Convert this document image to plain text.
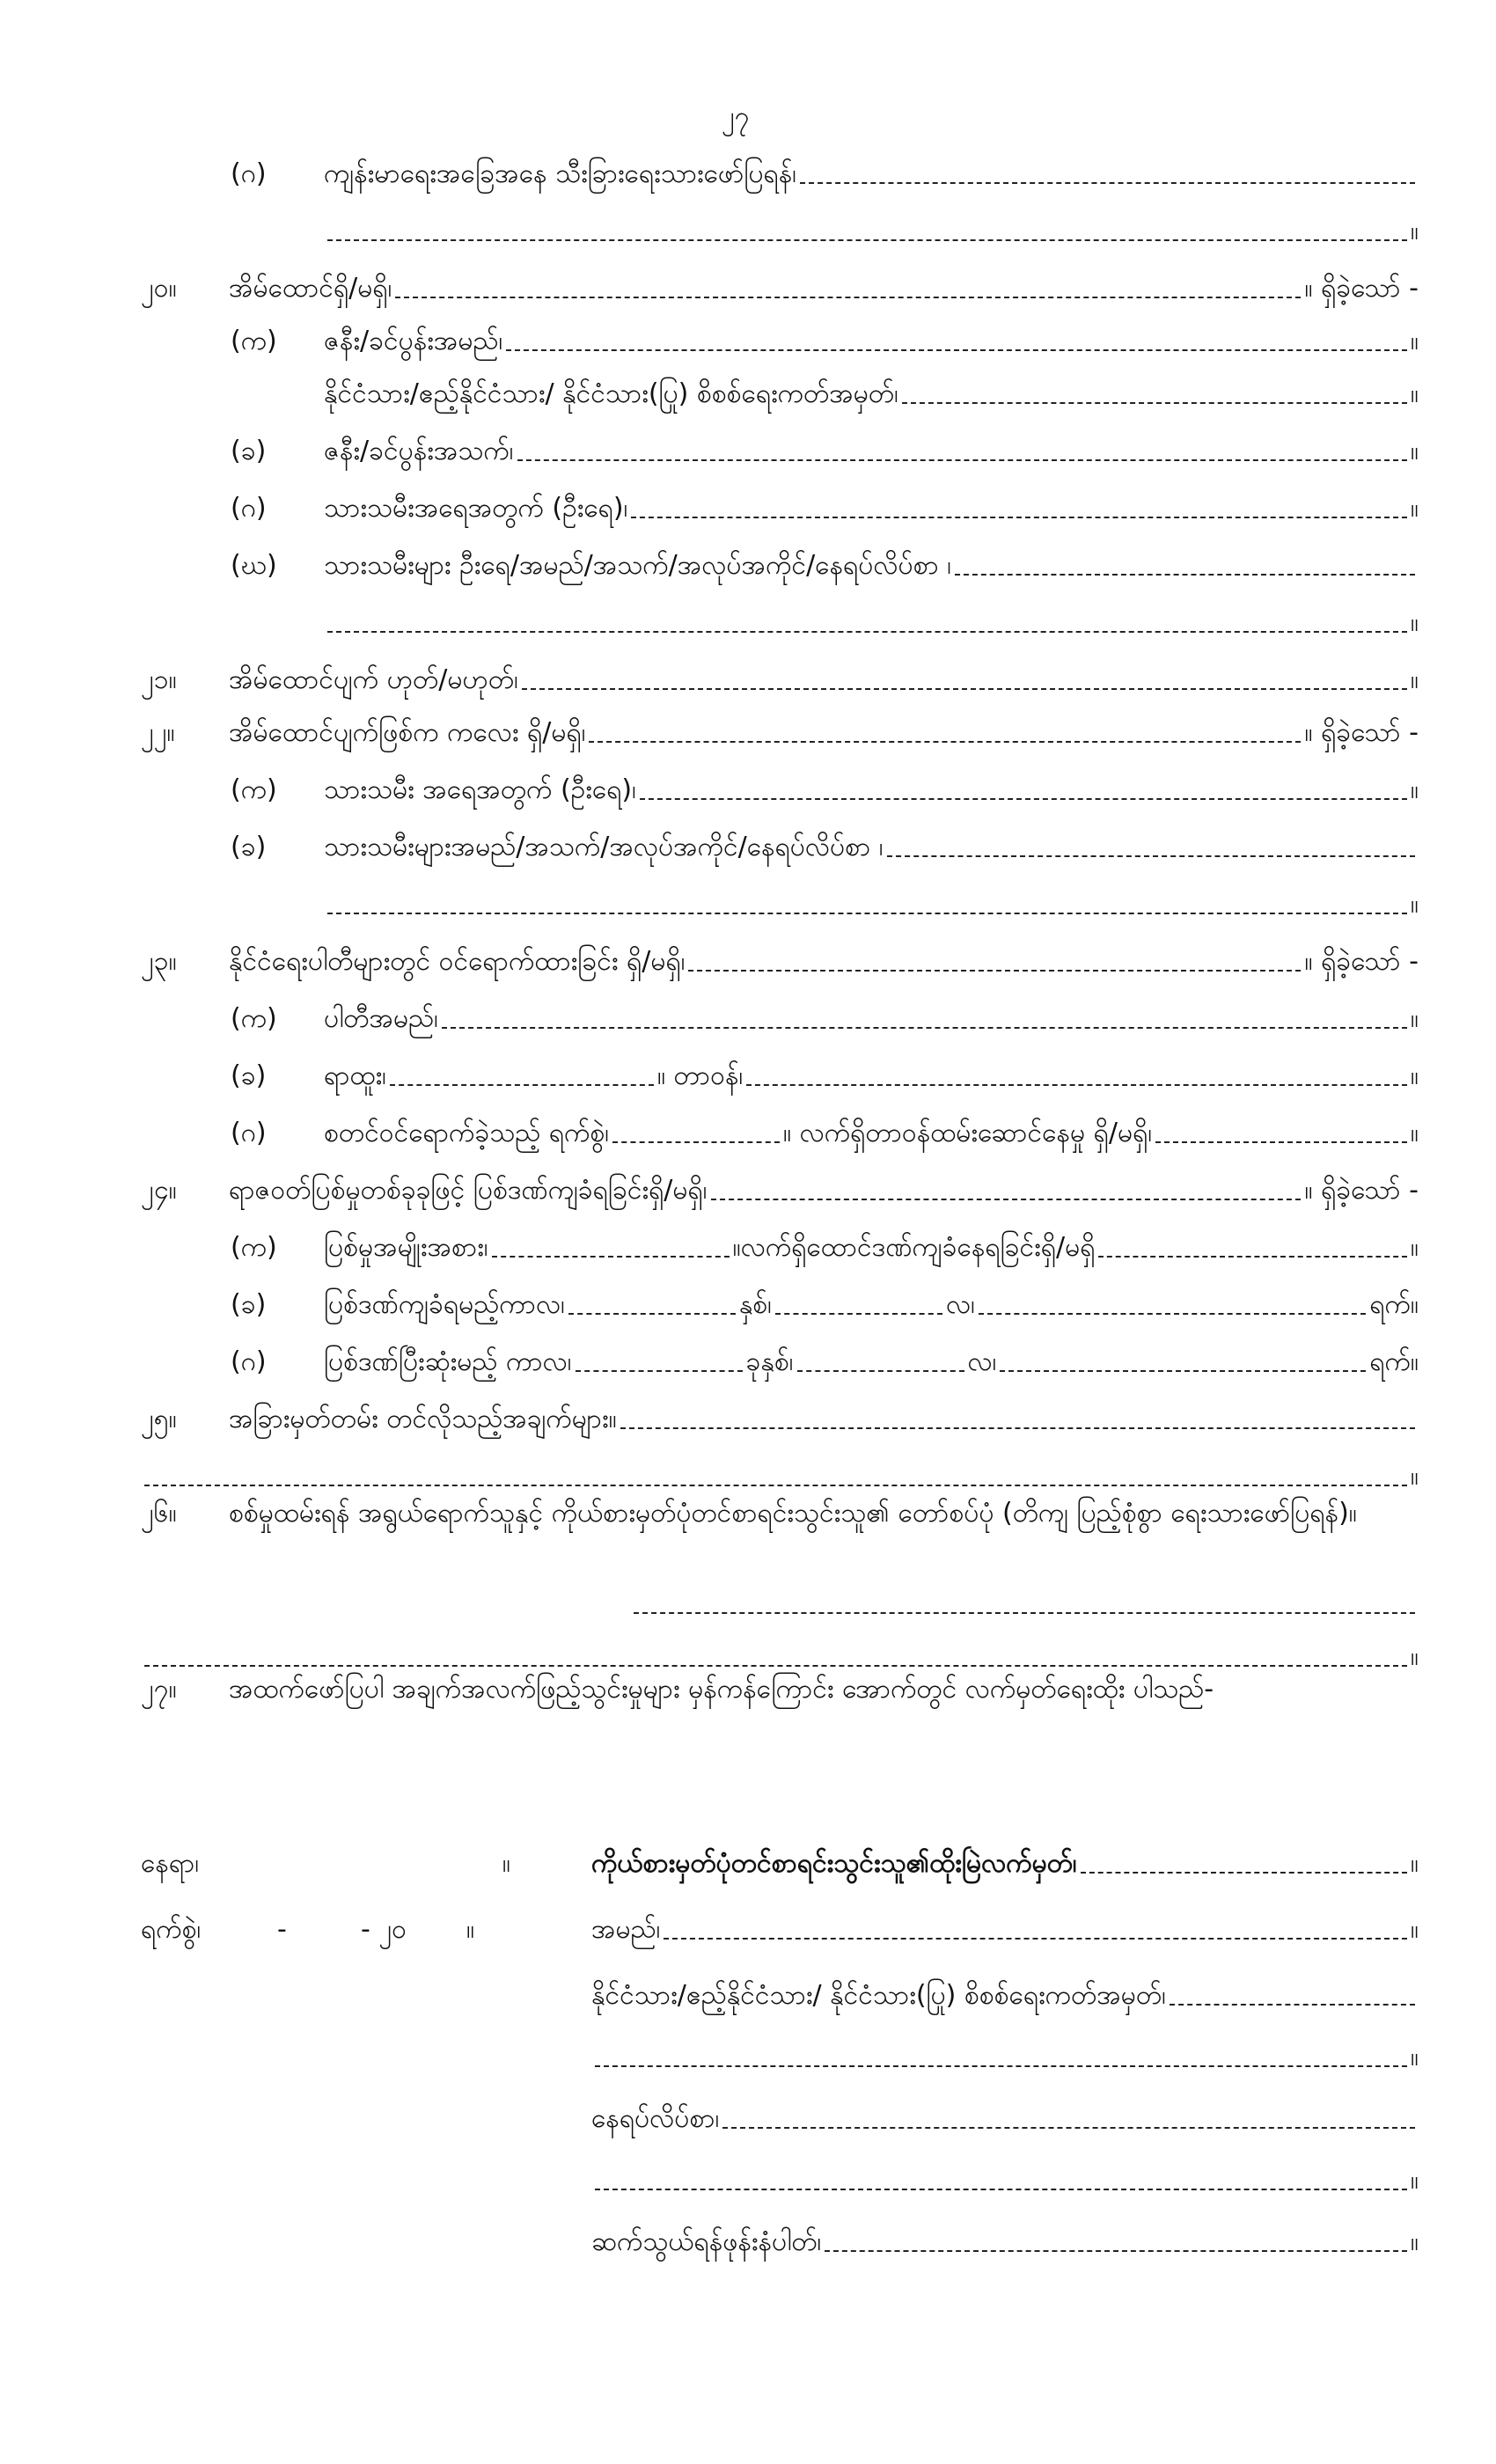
၂၇
(ဂ)	ကျန်းမာရေးအခြေအနေ သီးခြားရေးသားဖော်ပြရန်၊
။
၂၀။	အိမ်ထောင်ရှိ/မရှိ၊	။ ရှိခဲ့သော် -
(က)	ဇနီး/ခင်ပွန်းအမည်၊	။
နိုင်ငံသား/ဧည့်နိုင်ငံသား/ နိုင်ငံသား(ပြု) စိစစ်ရေးကတ်အမှတ်၊	။
(ခ)	ဇနီး/ခင်ပွန်းအသက်၊	။
(ဂ)	သားသမီးအရေအတွက် (ဦးရေ)၊	။
(ဃ)	သားသမီးများ ဦးရေ/အမည်/အသက်/အလုပ်အကိုင်/နေရပ်လိပ်စာ ၊
။
၂၁။	အိမ်ထောင်ပျက် ဟုတ်/မဟုတ်၊	။
၂၂။	အိမ်ထောင်ပျက်ဖြစ်က ကလေး ရှိ/မရှိ၊	။ ရှိခဲ့သော် -
(က)	သားသမီး အရေအတွက် (ဦးရေ)၊	။
(ခ)	သားသမီးများအမည်/အသက်/အလုပ်အကိုင်/နေရပ်လိပ်စာ ၊
။
၂၃။	နိုင်ငံရေးပါတီများတွင် ဝင်ရောက်ထားခြင်း ရှိ/မရှိ၊	။ ရှိခဲ့သော် -
(က)	ပါတီအမည်၊	။
(ခ)	ရာထူး၊	။ တာဝန်၊	။
(ဂ)	စတင်ဝင်ရောက်ခဲ့သည့် ရက်စွဲ၊	။ လက်ရှိတာဝန်ထမ်းဆောင်နေမှု ရှိ/မရှိ၊	။
၂၄။	ရာဇဝတ်ပြစ်မှုတစ်ခုခုဖြင့် ပြစ်ဒဏ်ကျခံရခြင်းရှိ/မရှိ၊	။ ရှိခဲ့သော် -
(က)	ပြစ်မှုအမျိုးအစား၊	။လက်ရှိထောင်ဒဏ်ကျခံနေရခြင်းရှိ/မရှိ	။
(ခ)	ပြစ်ဒဏ်ကျခံရမည့်ကာလ၊	နှစ်၊	လ၊	ရက်။
(ဂ)	ပြစ်ဒဏ်ပြီးဆုံးမည့် ကာလ၊	ခုနှစ်၊	လ၊	ရက်။
၂၅။	အခြားမှတ်တမ်း တင်လိုသည့်အချက်များ။
။
၂၆။ စစ်မှုထမ်းရန် အရွယ်ရောက်သူနှင့် ကိုယ်စားမှတ်ပုံတင်စာရင်းသွင်းသူ၏ တော်စပ်ပုံ (တိကျ ပြည့်စုံစွာ ရေးသားဖော်ပြရန်)။
။
၂၇။ အထက်ဖော်ပြပါ အချက်အလက်ဖြည့်သွင်းမှုများ မှန်ကန်ကြောင်း အောက်တွင် လက်မှတ်ရေးထိုး ပါသည်-
နေရာ၊	။
ရက်စွဲ၊	-	- ၂၀	။
ကိုယ်စားမှတ်ပုံတင်စာရင်းသွင်းသူ၏ထိုးမြဲလက်မှတ်၊	။
အမည်၊	။
နိုင်ငံသား/ဧည့်နိုင်ငံသား/ နိုင်ငံသား(ပြု) စိစစ်ရေးကတ်အမှတ်၊
။
နေရပ်လိပ်စာ၊
။
ဆက်သွယ်ရန်ဖုန်းနံပါတ်၊	။
